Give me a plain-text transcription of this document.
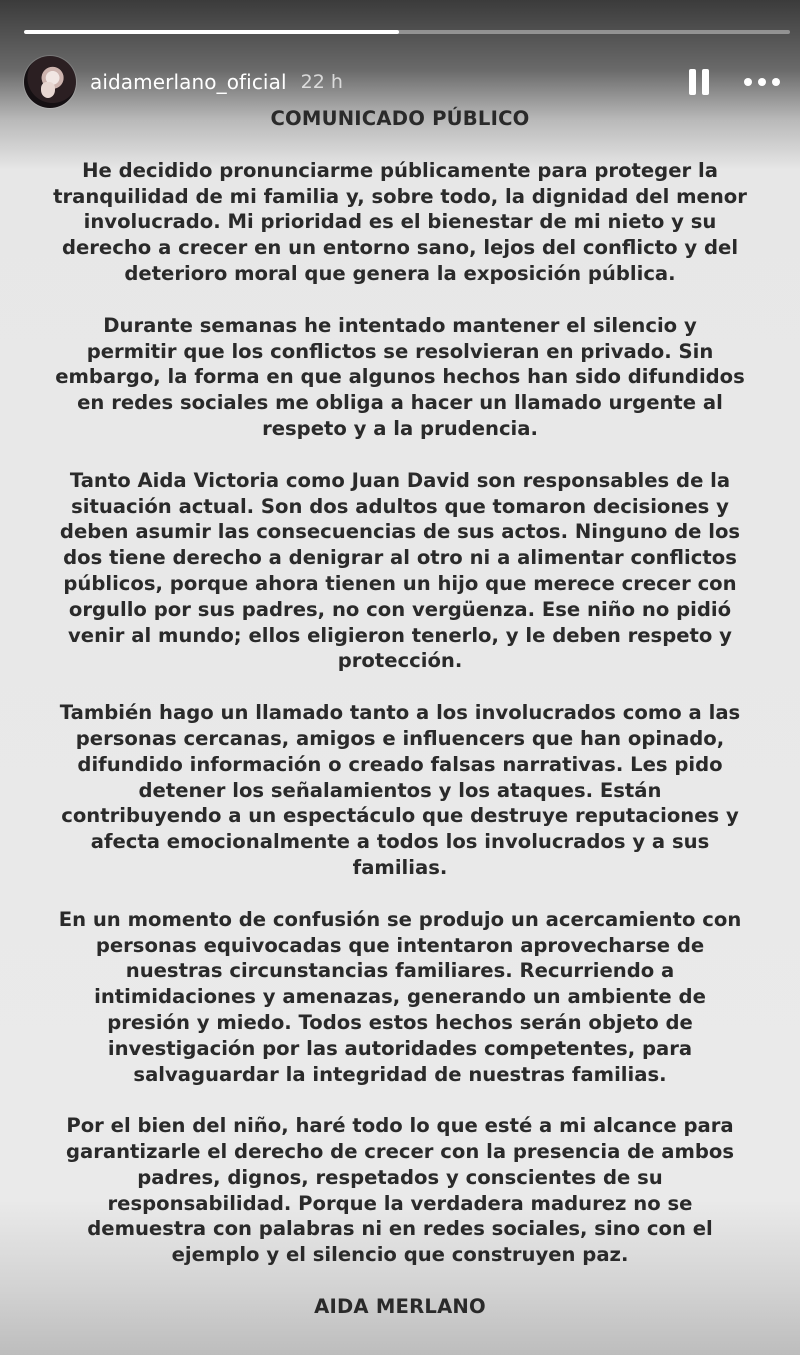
aidamerlano_oficial 22 h
COMUNICADO PÚBLICO
He decidido pronunciarme públicamente para proteger la
tranquilidad de mi familia y, sobre todo, la dignidad del menor
involucrado. Mi prioridad es el bienestar de mi nieto y su
derecho a crecer en un entorno sano, lejos del conflicto y del
deterioro moral que genera la exposición pública.
Durante semanas he intentado mantener el silencio y
permitir que los conflictos se resolvieran en privado. Sin
embargo, la forma en que algunos hechos han sido difundidos
en redes sociales me obliga a hacer un llamado urgente al
respeto y a la prudencia.
Tanto Aida Victoria como Juan David son responsables de la
situación actual. Son dos adultos que tomaron decisiones y
deben asumir las consecuencias de sus actos. Ninguno de los
dos tiene derecho a denigrar al otro ni a alimentar conflictos
públicos, porque ahora tienen un hijo que merece crecer con
orgullo por sus padres, no con vergüenza. Ese niño no pidió
venir al mundo; ellos eligieron tenerlo, y le deben respeto y
protección.
También hago un llamado tanto a los involucrados como a las
personas cercanas, amigos e influencers que han opinado,
difundido información o creado falsas narrativas. Les pido
detener los señalamientos y los ataques. Están
contribuyendo a un espectáculo que destruye reputaciones y
afecta emocionalmente a todos los involucrados y a sus
familias.
En un momento de confusión se produjo un acercamiento con
personas equivocadas que intentaron aprovecharse de
nuestras circunstancias familiares. Recurriendo a
intimidaciones y amenazas, generando un ambiente de
presión y miedo. Todos estos hechos serán objeto de
investigación por las autoridades competentes, para
salvaguardar la integridad de nuestras familias.
Por el bien del niño, haré todo lo que esté a mi alcance para
garantizarle el derecho de crecer con la presencia de ambos
padres, dignos, respetados y conscientes de su
responsabilidad. Porque la verdadera madurez no se
demuestra con palabras ni en redes sociales, sino con el
ejemplo y el silencio que construyen paz.
AIDA MERLANO
